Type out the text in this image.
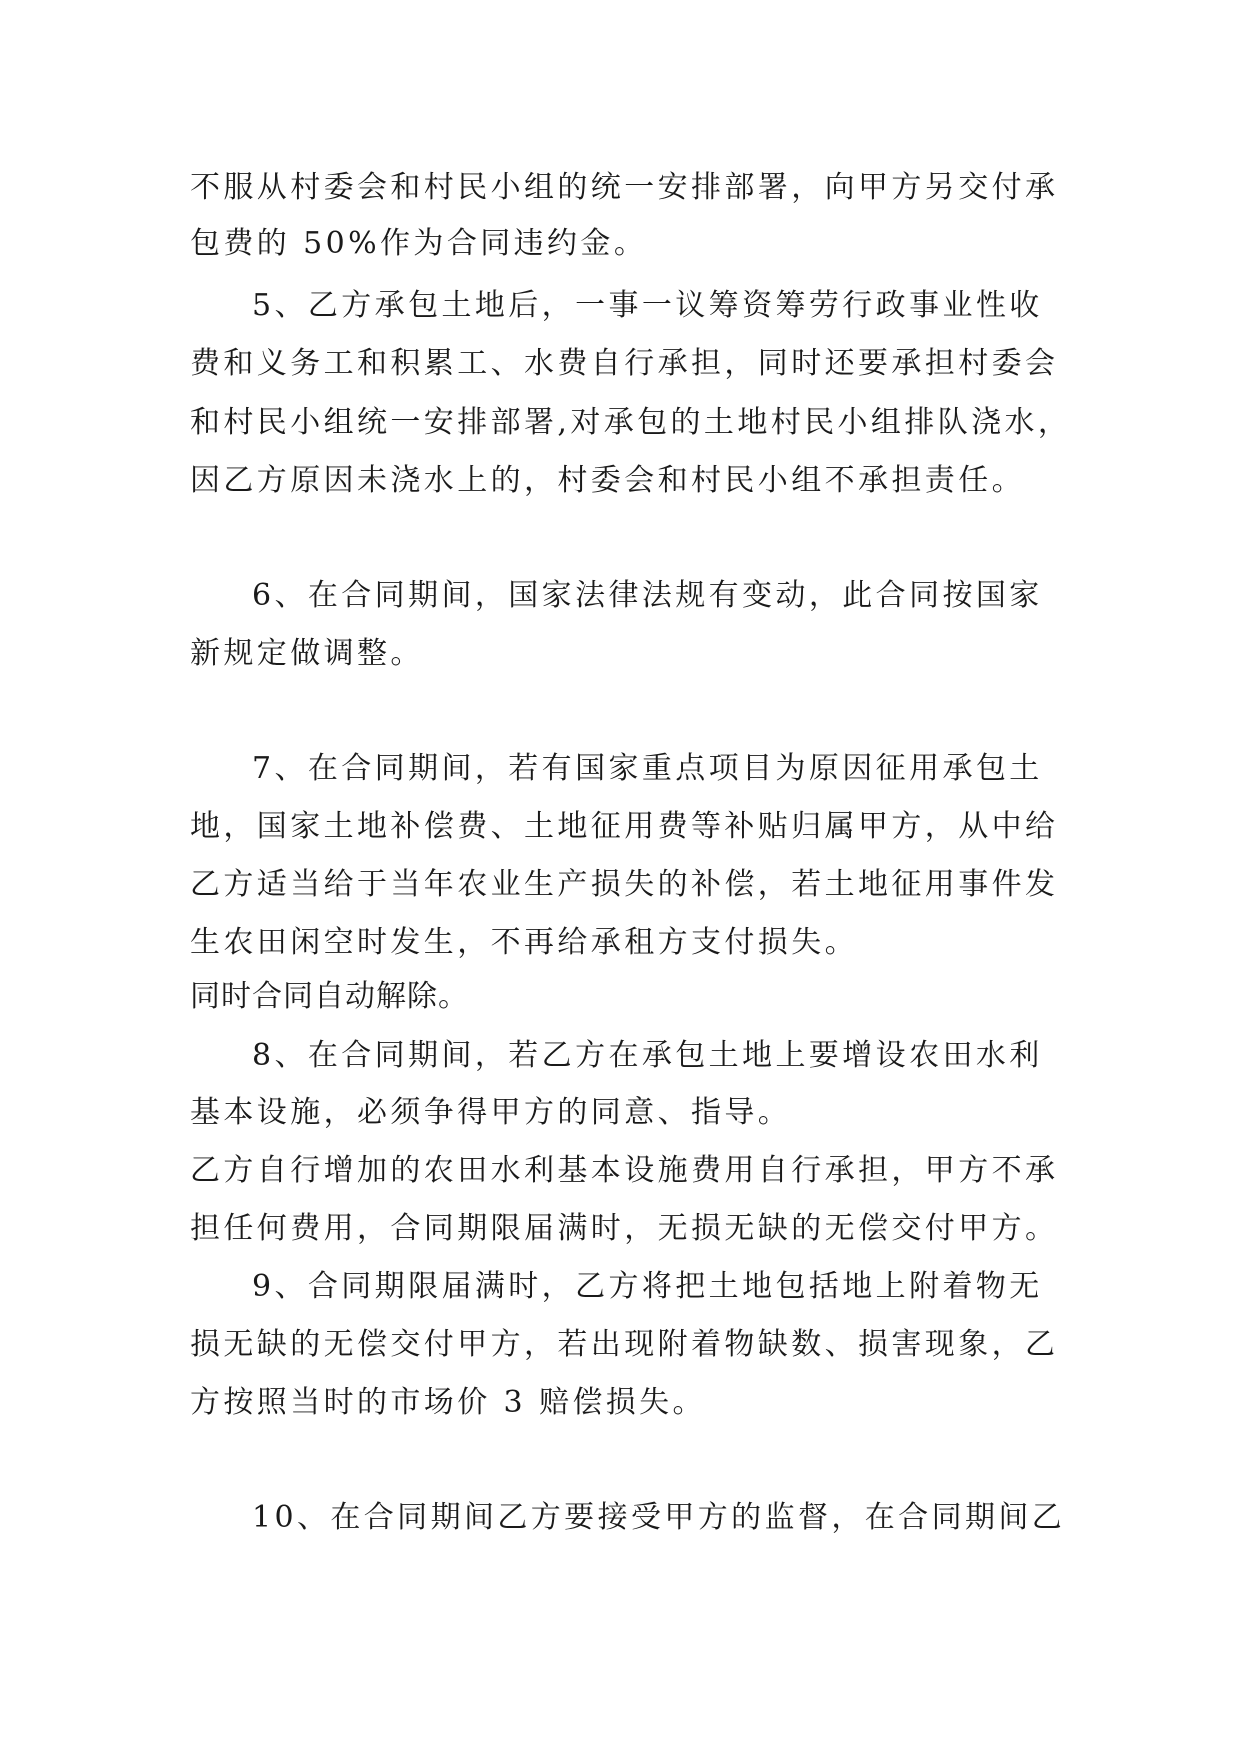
不服从村委会和村民小组的统一安排部署，向甲方另交付承
包费的 50%作为合同违约金。
5、乙方承包土地后，一事一议筹资筹劳行政事业性收
费和义务工和积累工、水费自行承担，同时还要承担村委会
和村民小组统一安排部署,对承包的土地村民小组排队浇水，
因乙方原因未浇水上的，村委会和村民小组不承担责任。
6、在合同期间，国家法律法规有变动，此合同按国家
新规定做调整。
7、在合同期间，若有国家重点项目为原因征用承包土
地，国家土地补偿费、土地征用费等补贴归属甲方，从中给
乙方适当给于当年农业生产损失的补偿，若土地征用事件发
生农田闲空时发生，不再给承租方支付损失。
同时合同自动解除。
8、在合同期间，若乙方在承包土地上要增设农田水利
基本设施，必须争得甲方的同意、指导。
乙方自行增加的农田水利基本设施费用自行承担，甲方不承
担任何费用，合同期限届满时，无损无缺的无偿交付甲方。
9、合同期限届满时，乙方将把土地包括地上附着物无
损无缺的无偿交付甲方，若出现附着物缺数、损害现象，乙
方按照当时的市场价 3 赔偿损失。
10、在合同期间乙方要接受甲方的监督，在合同期间乙
